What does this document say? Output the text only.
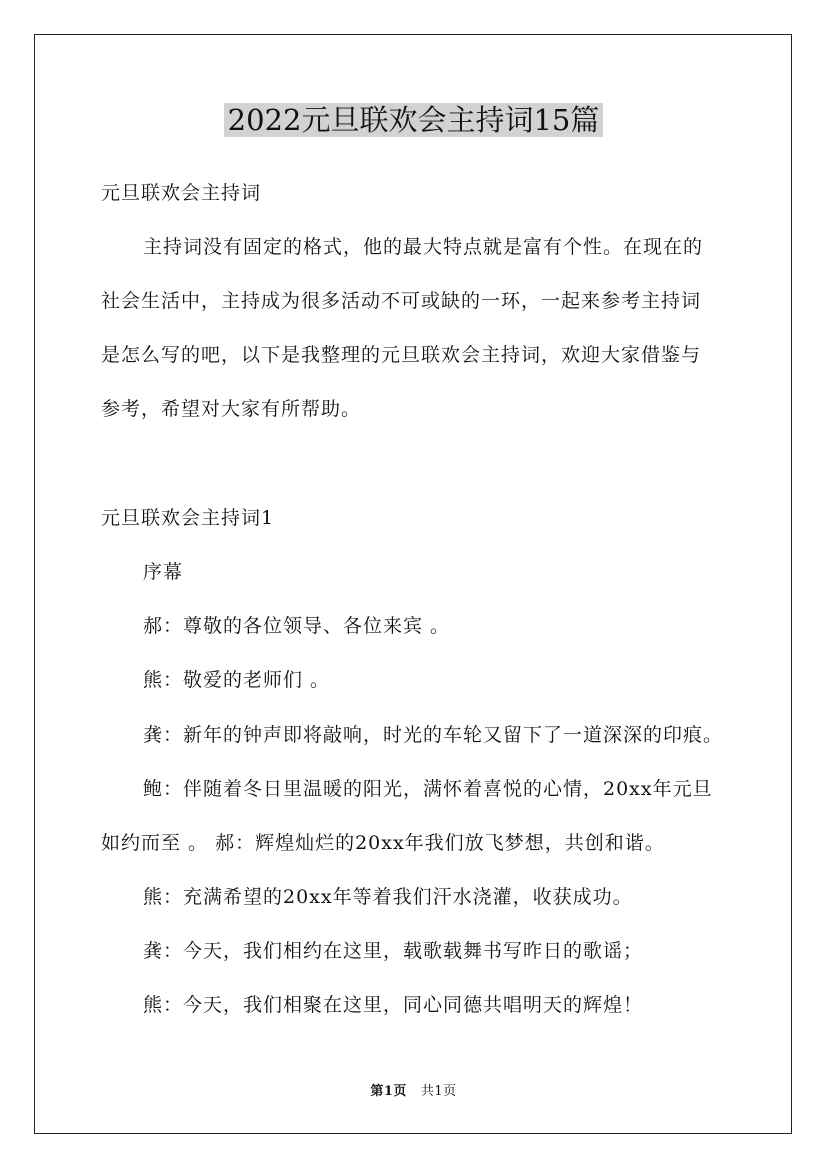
2022元旦联欢会主持词15篇
元旦联欢会主持词
主持词没有固定的格式，他的最大特点就是富有个性。在现在的
社会生活中，主持成为很多活动不可或缺的一环，一起来参考主持词
是怎么写的吧，以下是我整理的元旦联欢会主持词，欢迎大家借鉴与
参考，希望对大家有所帮助。
元旦联欢会主持词1
序幕
郝：尊敬的各位领导、各位来宾 。
熊：敬爱的老师们 。
龚：新年的钟声即将敲响，时光的车轮又留下了一道深深的印痕。
鲍：伴随着冬日里温暖的阳光，满怀着喜悦的心情，20xx年元旦
如约而至 。 郝：辉煌灿烂的20xx年我们放飞梦想，共创和谐。
熊：充满希望的20xx年等着我们汗水浇灌，收获成功。
龚：今天，我们相约在这里，载歌载舞书写昨日的歌谣；
熊：今天，我们相聚在这里，同心同德共唱明天的辉煌！
第1页 共1页
